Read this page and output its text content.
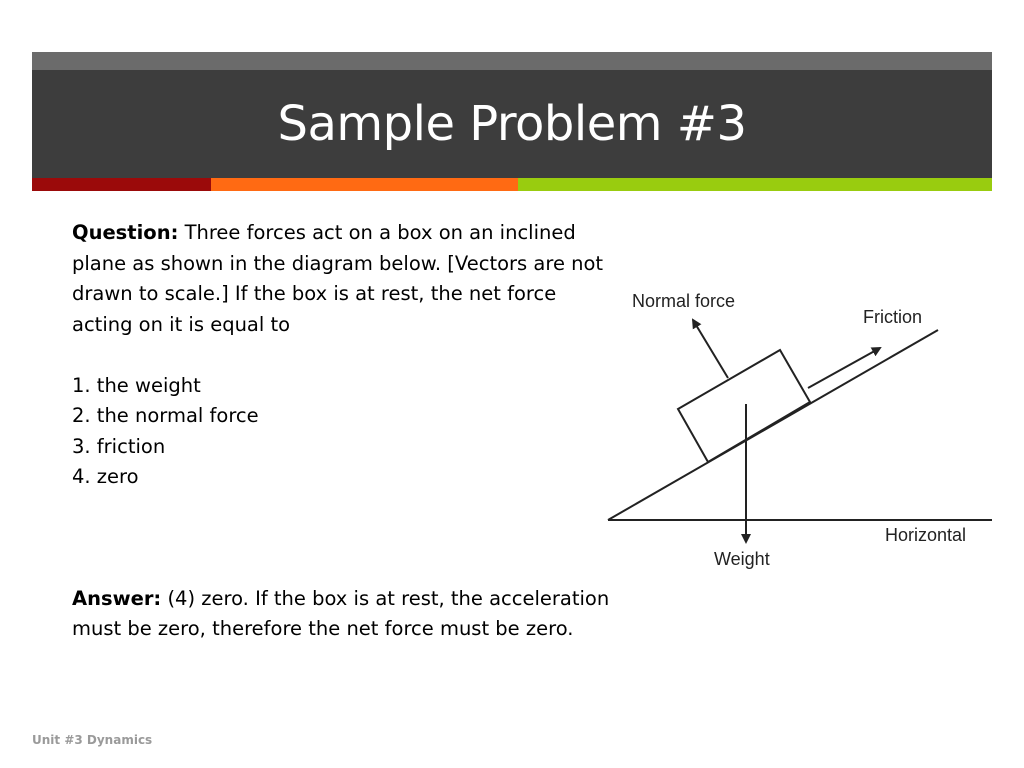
Sample Problem #3

Question: Three forces act on a box on an inclined plane as shown in the diagram below. [Vectors are not drawn to scale.] If the box is at rest, the net force acting on it is equal to

1. the weight

2. the normal force

3. friction

4. zero

Answer: (4) zero. If the box is at rest, the acceleration must be zero, therefore the net force must be zero.

Normal force
Friction
Horizontal
Weight
Unit #3 Dynamics
